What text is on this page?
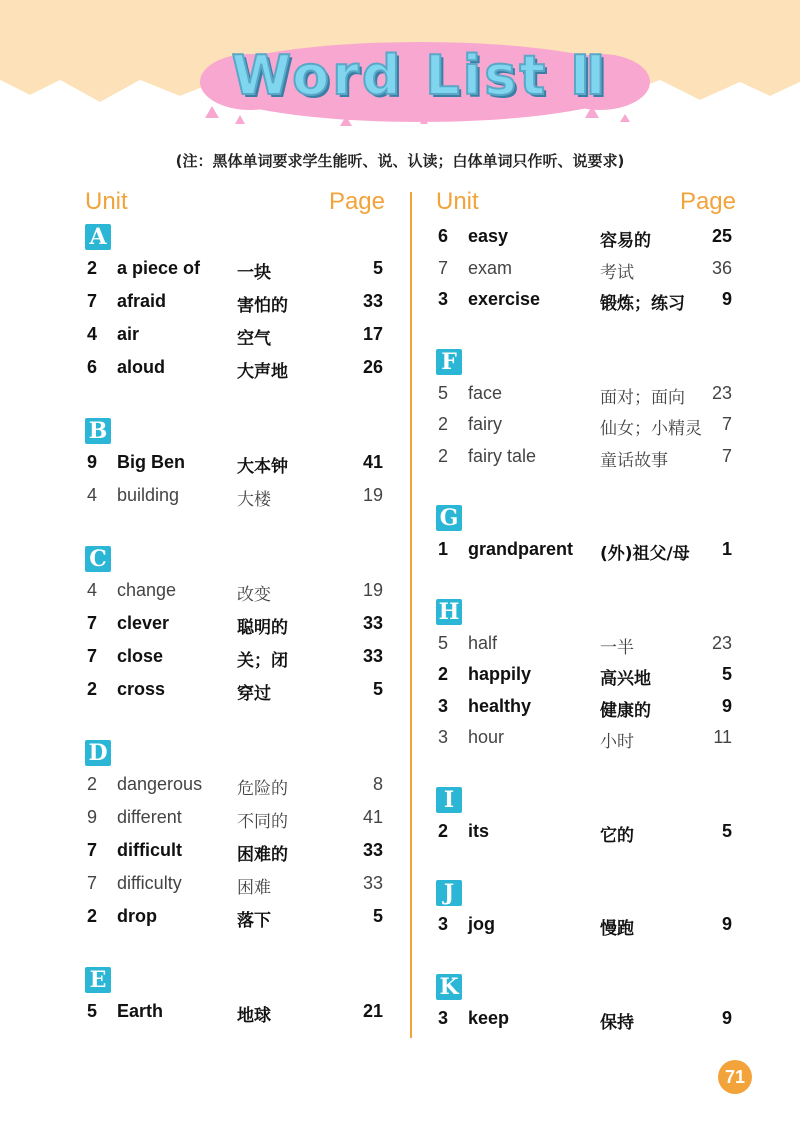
Word List Ⅱ
(注：黑体单词要求学生能听、说、认读；白体单词只作听、说要求)
Unit	Page
A
2 a piece of 一块	5
7 afraid	害怕的	33
4 air	空气	17
6 aloud	大声地	26
B
9 Big Ben	大本钟	41
4 building	大楼	19
C
4 change	改变	19
7 clever	聪明的	33
7 close	关；闭	33
2 cross	穿过	5
D
2 dangerous 危险的	8
9 different	不同的	41
7 difficult	困难的	33
7 difficulty	困难	33
2 drop	落下	5
E
5 Earth	地球	21
Unit	Page
6 easy	容易的	25
7 exam	考试	36
3 exercise	锻炼；练习 9
F
5 face	面对；面向 23
2 fairy	仙女；小精灵 7
2 fairy tale	童话故事	7
G
1 grandparent (外)祖父/母 1
H
5 half	一半	23
2 happily	高兴地	5
3 healthy	健康的	9
3 hour	小时	11
I
2 its	它的	5
J
3 jog	慢跑	9
K
3 keep	保持	9
71
